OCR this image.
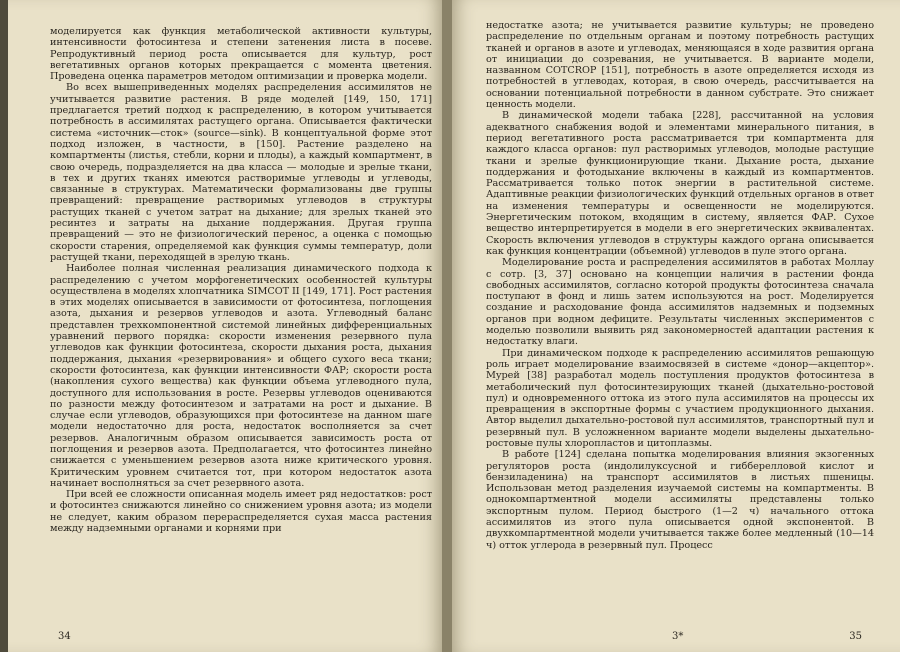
моделируется как функция метаболической активности культуры, интенсивности фотосинтеза и степени затенения листа в посеве. Репродуктивный период роста описывается для культур, рост вегетативных органов которых прекращается с момента цветения. Проведена оценка параметров методом оптимизации и проверка модели.

Во всех вышеприведенных моделях распределения ассимилятов не учитывается развитие растения. В ряде моделей [149, 150, 171] предлагается третий подход к распределению, в котором учитывается потребность в ассимилятах растущего органа. Описывается фактически система «источник—сток» (source—sink). В концептуальной форме этот подход изложен, в частности, в [150]. Растение разделено на компартменты (листья, стебли, корни и плоды), а каждый компартмент, в свою очередь, подразделяется на два класса — молодые и зрелые ткани, в тех и других тканях имеются растворимые углеводы и углеводы, связанные в структурах. Математически формализованы две группы превращений: превращение растворимых углеводов в структуры растущих тканей с учетом затрат на дыхание; для зрелых тканей это ресинтез и затраты на дыхание поддержания. Другая группа превращений — это не физиологический перенос, а оценка с помощью скорости старения, определяемой как функция суммы температур, доли растущей ткани, переходящей в зрелую ткань.

Наиболее полная численная реализация динамического подхода к распределению с учетом морфогенетических особенностей культуры осуществлена в моделях хлопчатника SIMCOT II [149, 171]. Рост растения в этих моделях описывается в зависимости от фотосинтеза, поглощения азота, дыхания и резервов углеводов и азота. Углеводный баланс представлен трехкомпонентной системой линейных дифференциальных уравнений первого порядка: скорости изменения резервного пула углеводов как функции фотосинтеза, скорости дыхания роста, дыхания поддержания, дыхания «резервирования» и общего сухого веса ткани; скорости фотосинтеза, как функции интенсивности ФАР; скорости роста (накопления сухого вещества) как функции объема углеводного пула, доступного для использования в росте. Резервы углеводов оцениваются по разности между фотосинтезом и затратами на рост и дыхание. В случае если углеводов, образующихся при фотосинтезе на данном шаге модели недостаточно для роста, недостаток восполняется за счет резервов. Аналогичным образом описывается зависимость роста от поглощения и резервов азота. Предполагается, что фотосинтез линейно снижается с уменьшением резервов азота ниже критического уровня. Критическим уровнем считается тот, при котором недостаток азота начинает восполняться за счет резервного азота.

При всей ее сложности описанная модель имеет ряд недостатков: рост и фотосинтез снижаются линейно со снижением уровня азота; из модели не следует, каким образом перераспределяется сухая масса растения между надземными органами и корнями при

34

недостатке азота; не учитывается развитие культуры; не проведено распределение по отдельным органам и поэтому потребность растущих тканей и органов в азоте и углеводах, меняющаяся в ходе развития органа от инициации до созревания, не учитывается. В варианте модели, названном COTCROP [151], потребность в азоте определяется исходя из потребностей в углеводах, которая, в свою очередь, рассчитывается на основании потенциальной потребности в данном субстрате. Это снижает ценность модели.

В динамической модели табака [228], рассчитанной на условия адекватного снабжения водой и элементами минерального питания, в период вегетативного роста рассматривается три компартмента для каждого класса органов: пул растворимых углеводов, молодые растущие ткани и зрелые функционирующие ткани. Дыхание роста, дыхание поддержания и фотодыхание включены в каждый из компартментов. Рассматривается только поток энергии в растительной системе. Адаптивные реакции физиологических функций отдельных органов в ответ на изменения температуры и освещенности не моделируются. Энергетическим потоком, входящим в систему, является ФАР. Сухое вещество интерпретируется в модели в его энергетических эквивалентах. Скорость включения углеводов в структуры каждого органа описывается как функция концентрации (объемной) углеводов в пуле этого органа.

Моделирование роста и распределения ассимилятов в работах Моллау с сотр. [3, 37] основано на концепции наличия в растении фонда свободных ассимилятов, согласно которой продукты фотосинтеза сначала поступают в фонд и лишь затем используются на рост. Моделируется создание и расходование фонда ассимилятов надземных и подземных органов при водном дефиците. Результаты численных экспериментов с моделью позволили выявить ряд закономерностей адаптации растения к недостатку влаги.

При динамическом подходе к распределению ассимилятов решающую роль играет моделирование взаимосвязей в системе «донор—акцептор». Мурей [38] разработал модель поступления продуктов фотосинтеза в метаболический пул фотосинтезирующих тканей (дыхательно-ростовой пул) и одновременного оттока из этого пула ассимилятов на процессы их превращения в экспортные формы с участием продукционного дыхания. Автор выделил дыхательно-ростовой пул ассимилятов, транспортный пул и резервный пул. В усложненном варианте модели выделены дыхательно-ростовые пулы хлоропластов и цитоплазмы.

В работе [124] сделана попытка моделирования влияния экзогенных регуляторов роста (индолилуксусной и гибберелловой кислот и бензиладенина) на транспорт ассимилятов в листьях пшеницы. Использован метод разделения изучаемой системы на компартменты. В однокомпартментной модели ассимиляты представлены только экспортным пулом. Период быстрого (1—2 ч) начального оттока ассимилятов из этого пула описывается одной экспонентой. В двухкомпартментной модели учитывается также более медленный (10—14 ч) отток углерода в резервный пул. Процесс

3*	35
